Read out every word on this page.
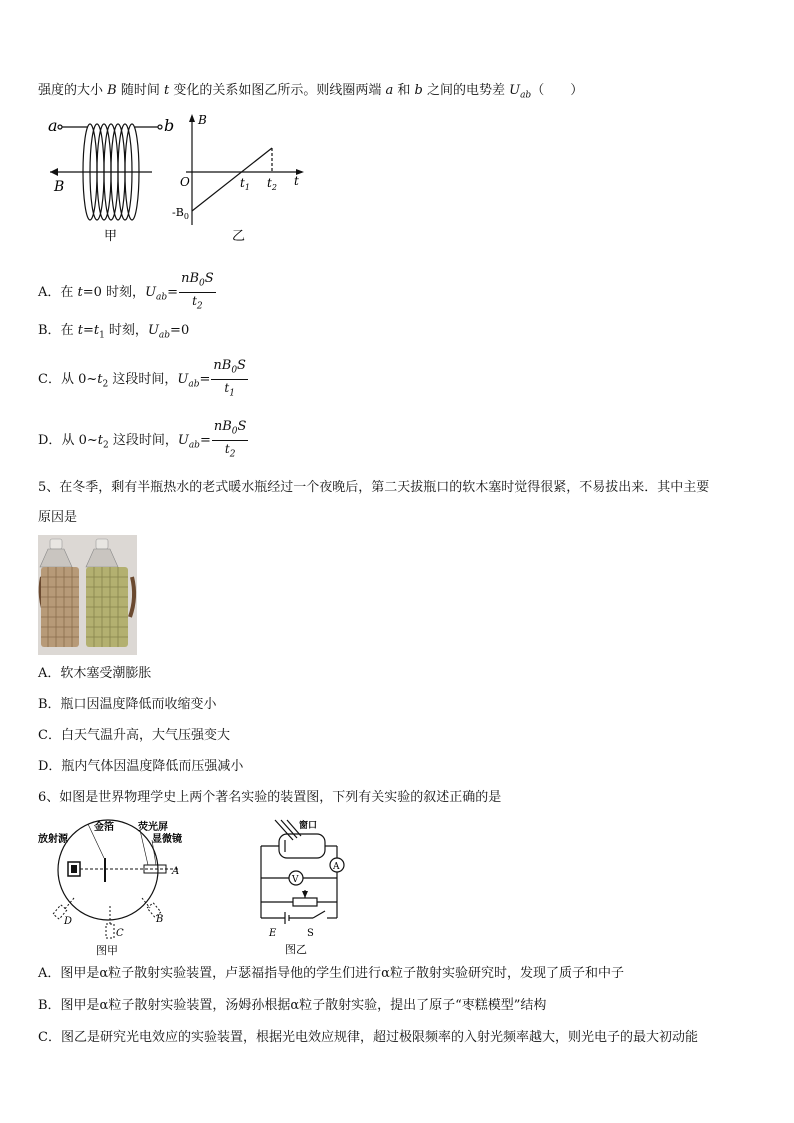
强度的大小 B 随时间 t 变化的关系如图乙所示。则线圈两端 a 和 b 之间的电势差 $U_{ab}$（　　）
a	b
B
甲
B
O
$-B_0$
$t_1$ $t_2$ t
乙
A．在 t=0 时刻，$U_{ab}= \frac{nB_0S}{t_2}$
B．在 $t=t_1$ 时刻，$U_{ab}=0$
C．从 $0\sim t_2$ 这段时间，$U_{ab}= \frac{nB_0S}{t_1}$
D．从 $0\sim t_2$ 这段时间，$U_{ab}= \frac{nB_0S}{t_2}$
5、在冬季，剩有半瓶热水的老式暖水瓶经过一个夜晚后，第二天拔瓶口的软木塞时觉得很紧，不易拔出来．其中主要
原因是
A．软木塞受潮膨胀
B．瓶口因温度降低而收缩变小
C．白天气温升高，大气压强变大
D．瓶内气体因温度降低而压强减小
6、如图是世界物理学史上两个著名实验的装置图，下列有关实验的叙述正确的是
放射源
金箔 荧光屏
显微镜
A
B
C
D
图甲
窗口
A
V
E	S
图乙
A．图甲是α粒子散射实验装置，卢瑟福指导他的学生们进行α粒子散射实验研究时，发现了质子和中子
B．图甲是α粒子散射实验装置，汤姆孙根据α粒子散射实验，提出了原子“枣糕模型”结构
C．图乙是研究光电效应的实验装置，根据光电效应规律，超过极限频率的入射光频率越大，则光电子的最大初动能
